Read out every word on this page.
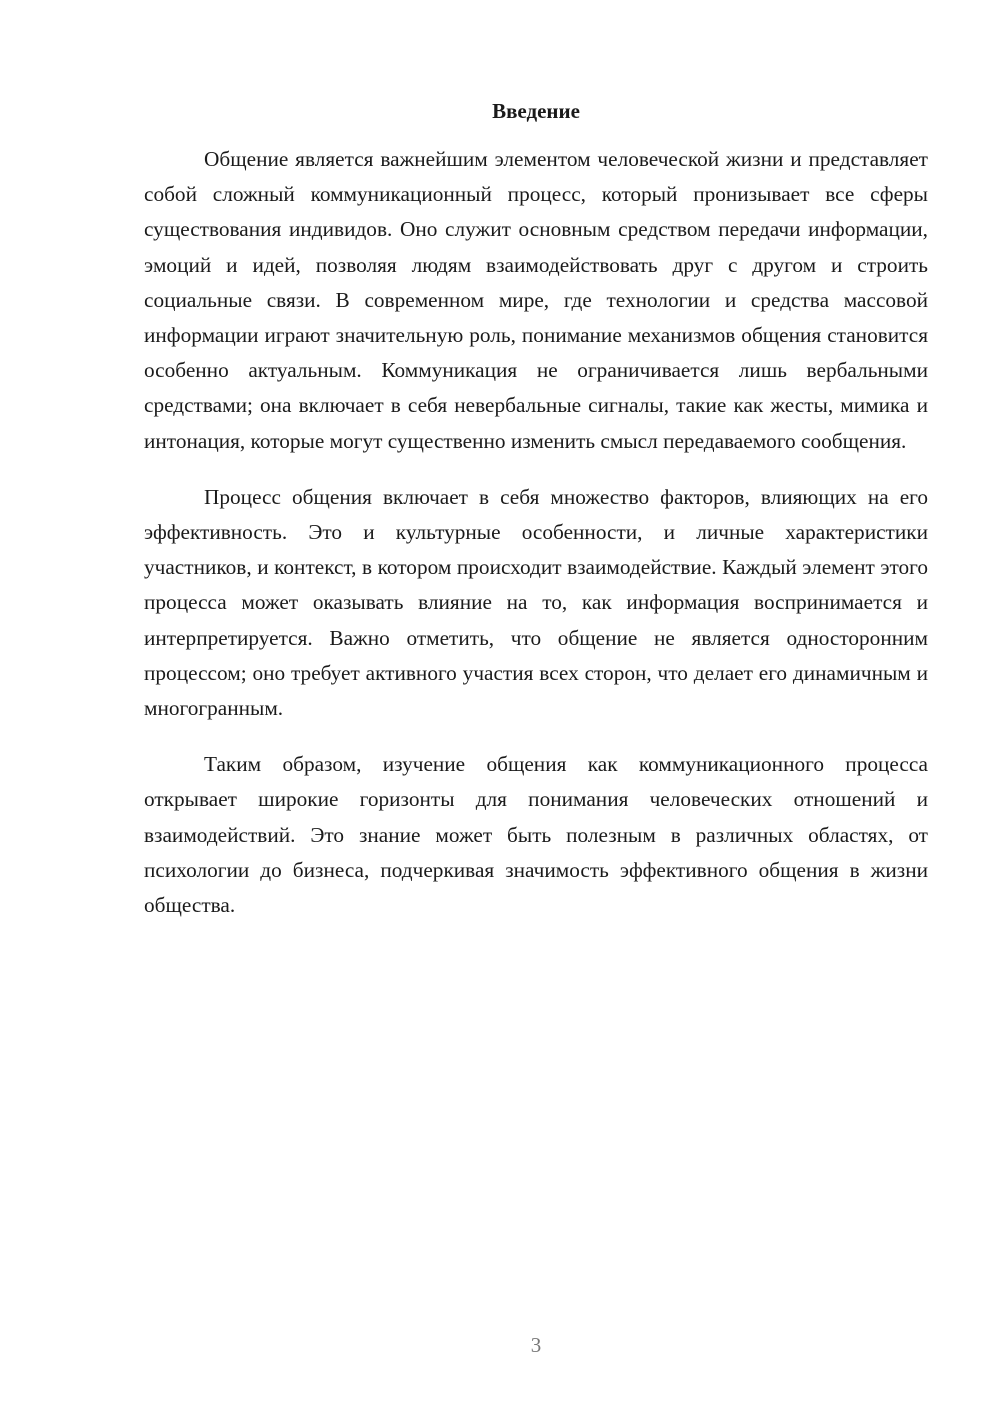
Введение

Общение является важнейшим элементом человеческой жизни и представляет собой сложный коммуникационный процесс, который пронизывает все сферы существования индивидов. Оно служит основным средством передачи информации, эмоций и идей, позволяя людям взаимодействовать друг с другом и строить социальные связи. В современном мире, где технологии и средства массовой информации играют значительную роль, понимание механизмов общения становится особенно актуальным. Коммуникация не ограничивается лишь вербальными средствами; она включает в себя невербальные сигналы, такие как жесты, мимика и интонация, которые могут существенно изменить смысл передаваемого сообщения.

Процесс общения включает в себя множество факторов, влияющих на его эффективность. Это и культурные особенности, и личные характеристики участников, и контекст, в котором происходит взаимодействие. Каждый элемент этого процесса может оказывать влияние на то, как информация воспринимается и интерпретируется. Важно отметить, что общение не является односторонним процессом; оно требует активного участия всех сторон, что делает его динамичным и многогранным.

Таким образом, изучение общения как коммуникационного процесса открывает широкие горизонты для понимания человеческих отношений и взаимодействий. Это знание может быть полезным в различных областях, от психологии до бизнеса, подчеркивая значимость эффективного общения в жизни общества.

3
